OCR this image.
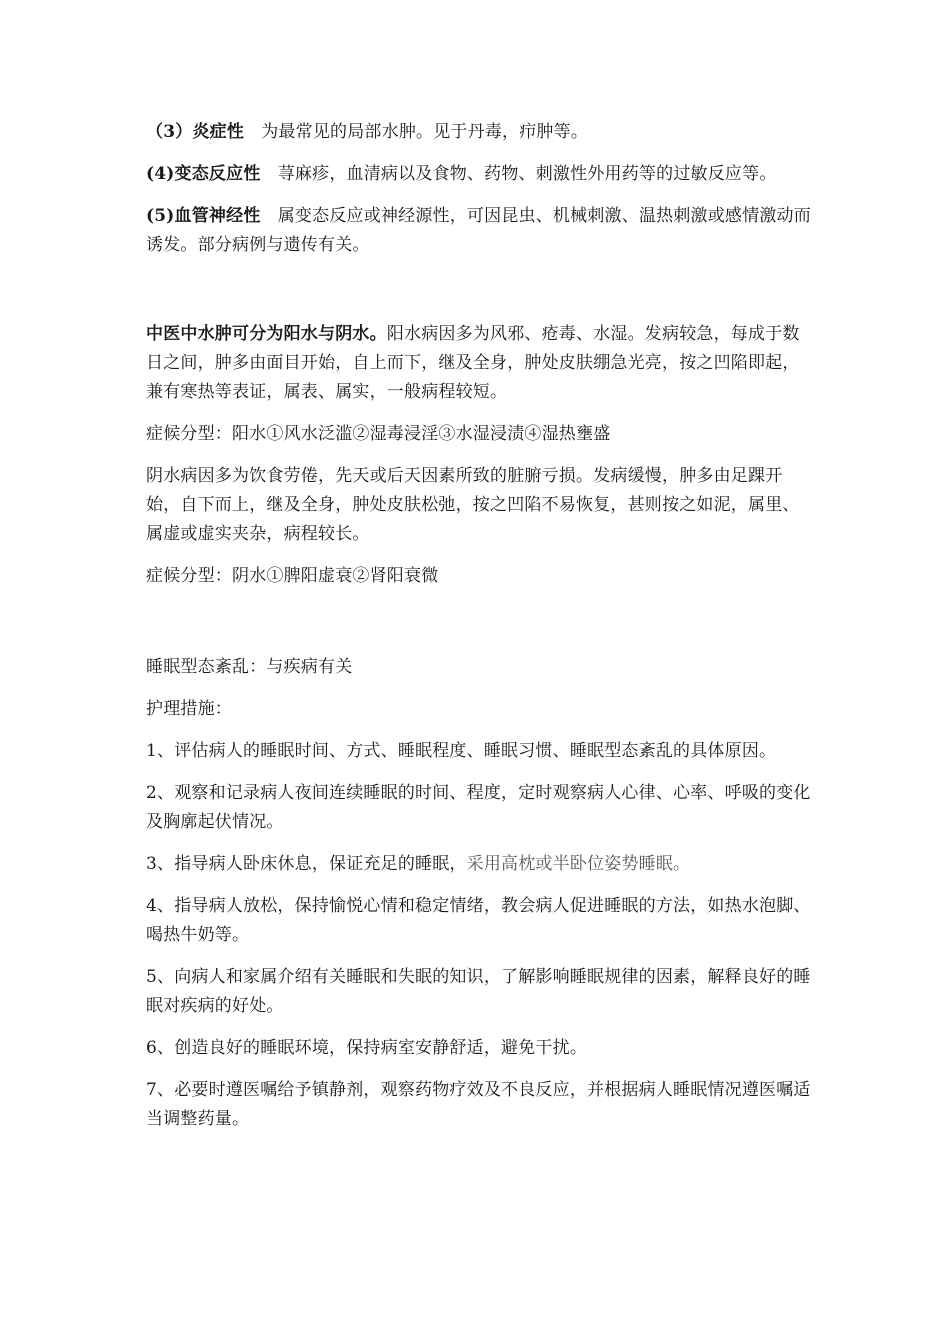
（3）炎症性  为最常见的局部水肿。见于丹毒，疖肿等。

(4)变态反应性  荨麻疹，血清病以及食物、药物、刺激性外用药等的过敏反应等。

(5)血管神经性  属变态反应或神经源性，可因昆虫、机械刺激、温热刺激或感情激动而诱发。部分病例与遗传有关。

中医中水肿可分为阳水与阴水。阳水病因多为风邪、疮毒、水湿。发病较急，每成于数日之间，肿多由面目开始，自上而下，继及全身，肿处皮肤绷急光亮，按之凹陷即起，兼有寒热等表证，属表、属实，一般病程较短。

症候分型：阳水①风水泛滥②湿毒浸淫③水湿浸渍④湿热壅盛

阴水病因多为饮食劳倦，先天或后天因素所致的脏腑亏损。发病缓慢，肿多由足踝开始，自下而上，继及全身，肿处皮肤松弛，按之凹陷不易恢复，甚则按之如泥，属里、属虚或虚实夹杂，病程较长。

症候分型：阴水①脾阳虚衰②肾阳衰微

睡眠型态紊乱：与疾病有关

护理措施：

1、评估病人的睡眠时间、方式、睡眠程度、睡眠习惯、睡眠型态紊乱的具体原因。

2、观察和记录病人夜间连续睡眠的时间、程度，定时观察病人心律、心率、呼吸的变化及胸廓起伏情况。

3、指导病人卧床休息，保证充足的睡眠，采用高枕或半卧位姿势睡眠。

4、指导病人放松，保持愉悦心情和稳定情绪，教会病人促进睡眠的方法，如热水泡脚、喝热牛奶等。

5、向病人和家属介绍有关睡眠和失眠的知识，了解影响睡眠规律的因素，解释良好的睡眠对疾病的好处。

6、创造良好的睡眠环境，保持病室安静舒适，避免干扰。

7、必要时遵医嘱给予镇静剂，观察药物疗效及不良反应，并根据病人睡眠情况遵医嘱适当调整药量。
